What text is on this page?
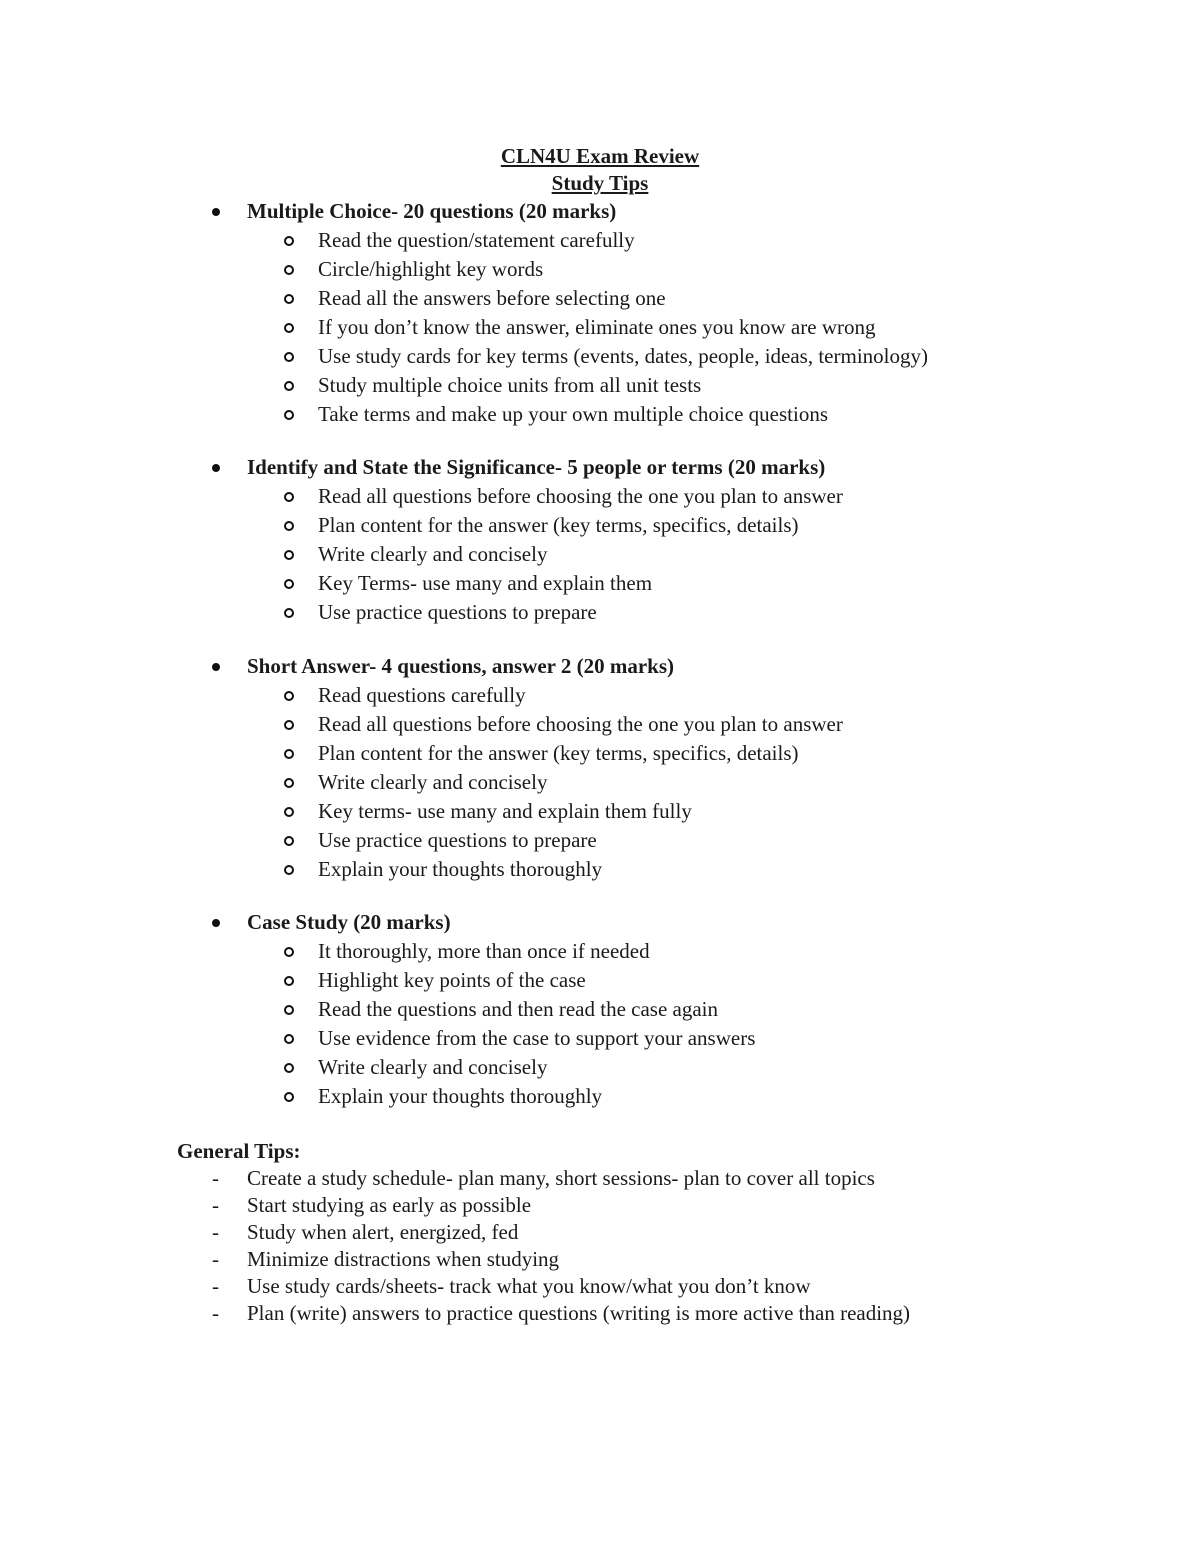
CLN4U Exam Review
Study Tips
Multiple Choice- 20 questions (20 marks)
Read the question/statement carefully
Circle/highlight key words
Read all the answers before selecting one
If you don’t know the answer, eliminate ones you know are wrong
Use study cards for key terms (events, dates, people, ideas, terminology)
Study multiple choice units from all unit tests
Take terms and make up your own multiple choice questions
Identify and State the Significance- 5 people or terms (20 marks)
Read all questions before choosing the one you plan to answer
Plan content for the answer (key terms, specifics, details)
Write clearly and concisely
Key Terms- use many and explain them
Use practice questions to prepare
Short Answer- 4 questions, answer 2 (20 marks)
Read questions carefully
Read all questions before choosing the one you plan to answer
Plan content for the answer (key terms, specifics, details)
Write clearly and concisely
Key terms- use many and explain them fully
Use practice questions to prepare
Explain your thoughts thoroughly
Case Study (20 marks)
It thoroughly, more than once if needed
Highlight key points of the case
Read the questions and then read the case again
Use evidence from the case to support your answers
Write clearly and concisely
Explain your thoughts thoroughly
General Tips:
- Create a study schedule- plan many, short sessions- plan to cover all topics
- Start studying as early as possible
- Study when alert, energized, fed
- Minimize distractions when studying
- Use study cards/sheets- track what you know/what you don’t know
- Plan (write) answers to practice questions (writing is more active than reading)
